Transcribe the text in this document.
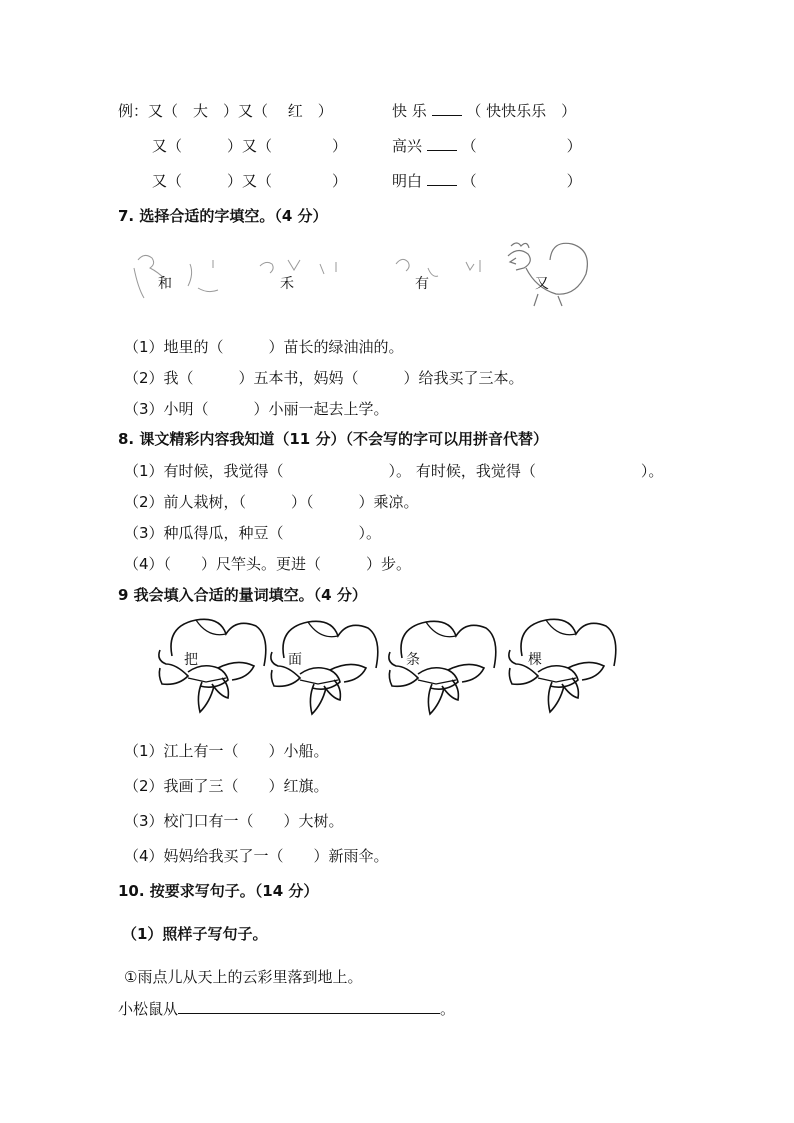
例：又（　大　）又（　 红　）	快 乐	（ 快快乐乐　）
又（　　　）又（　　　　）	高兴	（　　　　　　）
又（　　　）又（　　　　）	明白	（　　　　　　）
7. 选择合适的字填空。（4 分）
和	禾	有	又
（1）地里的（　　　）苗长的绿油油的。
（2）我（　　　）五本书，妈妈（　　　）给我买了三本。
（3）小明（　　　）小丽一起去上学。
8. 课文精彩内容我知道（11 分）（不会写的字可以用拼音代替）
（1）有时候，我觉得（　　　　　　　）。 有时候，我觉得（　　　　　　　）。
（2）前人栽树，（　　　）（　　　）乘凉。
（3）种瓜得瓜，种豆（　　　　　）。
（4）（　　）尺竿头。更进（　　　）步。
9 我会填入合适的量词填空。（4 分）
把	面	条	棵
（1）江上有一（　　）小船。
（2）我画了三（　　）红旗。
（3）校门口有一（　　）大树。
（4）妈妈给我买了一（　　）新雨伞。
10. 按要求写句子。（14 分）
（1）照样子写句子。
①雨点儿从天上的云彩里落到地上。
小松鼠从	。
